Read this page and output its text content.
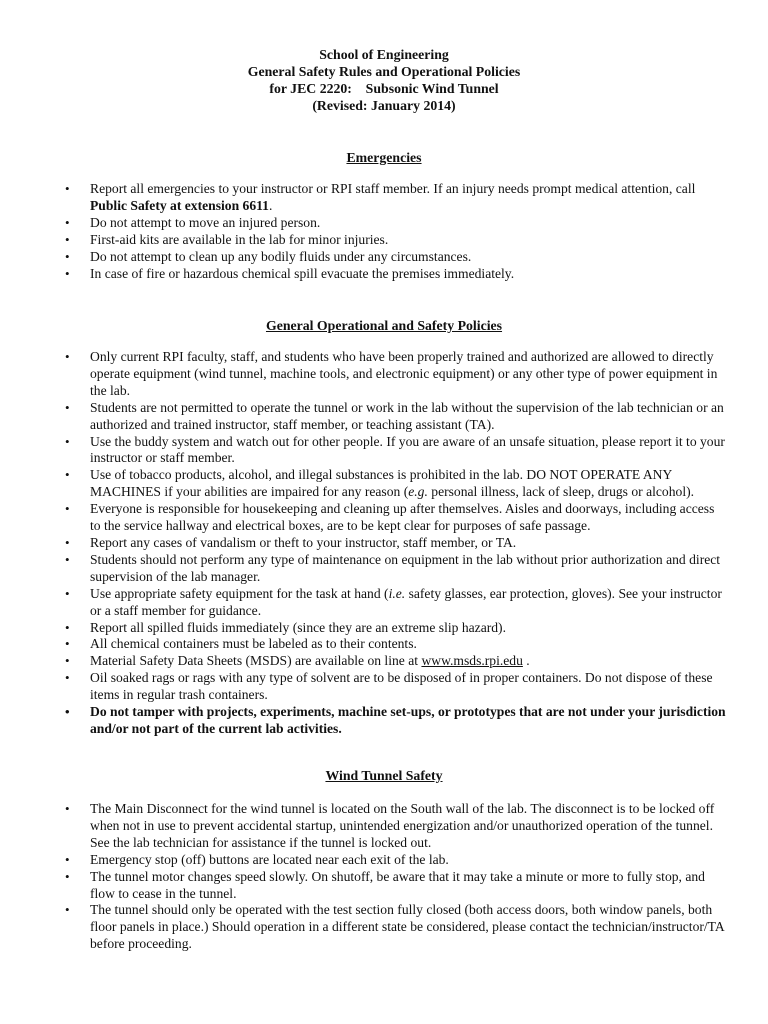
School of Engineering
General Safety Rules and Operational Policies
for JEC 2220:    Subsonic Wind Tunnel
(Revised: January 2014)
Emergencies
• Report all emergencies to your instructor or RPI staff member. If an injury needs prompt medical attention, call Public Safety at extension 6611.
• Do not attempt to move an injured person.
• First-aid kits are available in the lab for minor injuries.
• Do not attempt to clean up any bodily fluids under any circumstances.
• In case of fire or hazardous chemical spill evacuate the premises immediately.
General Operational and Safety Policies
• Only current RPI faculty, staff, and students who have been properly trained and authorized are allowed to directly operate equipment (wind tunnel, machine tools, and electronic equipment) or any other type of power equipment in the lab.
• Students are not permitted to operate the tunnel or work in the lab without the supervision of the lab technician or an authorized and trained instructor, staff member, or teaching assistant (TA).
• Use the buddy system and watch out for other people. If you are aware of an unsafe situation, please report it to your instructor or staff member.
• Use of tobacco products, alcohol, and illegal substances is prohibited in the lab. DO NOT OPERATE ANY MACHINES if your abilities are impaired for any reason (e.g. personal illness, lack of sleep, drugs or alcohol).
• Everyone is responsible for housekeeping and cleaning up after themselves. Aisles and doorways, including access to the service hallway and electrical boxes, are to be kept clear for purposes of safe passage.
• Report any cases of vandalism or theft to your instructor, staff member, or TA.
• Students should not perform any type of maintenance on equipment in the lab without prior authorization and direct supervision of the lab manager.
• Use appropriate safety equipment for the task at hand (i.e. safety glasses, ear protection, gloves). See your instructor or a staff member for guidance.
• Report all spilled fluids immediately (since they are an extreme slip hazard).
• All chemical containers must be labeled as to their contents.
• Material Safety Data Sheets (MSDS) are available on line at www.msds.rpi.edu .
• Oil soaked rags or rags with any type of solvent are to be disposed of in proper containers. Do not dispose of these items in regular trash containers.
• Do not tamper with projects, experiments, machine set-ups, or prototypes that are not under your jurisdiction and/or not part of the current lab activities.
Wind Tunnel Safety
• The Main Disconnect for the wind tunnel is located on the South wall of the lab. The disconnect is to be locked off when not in use to prevent accidental startup, unintended energization and/or unauthorized operation of the tunnel. See the lab technician for assistance if the tunnel is locked out.
• Emergency stop (off) buttons are located near each exit of the lab.
• The tunnel motor changes speed slowly. On shutoff, be aware that it may take a minute or more to fully stop, and flow to cease in the tunnel.
• The tunnel should only be operated with the test section fully closed (both access doors, both window panels, both floor panels in place.) Should operation in a different state be considered, please contact the technician/instructor/TA before proceeding.
